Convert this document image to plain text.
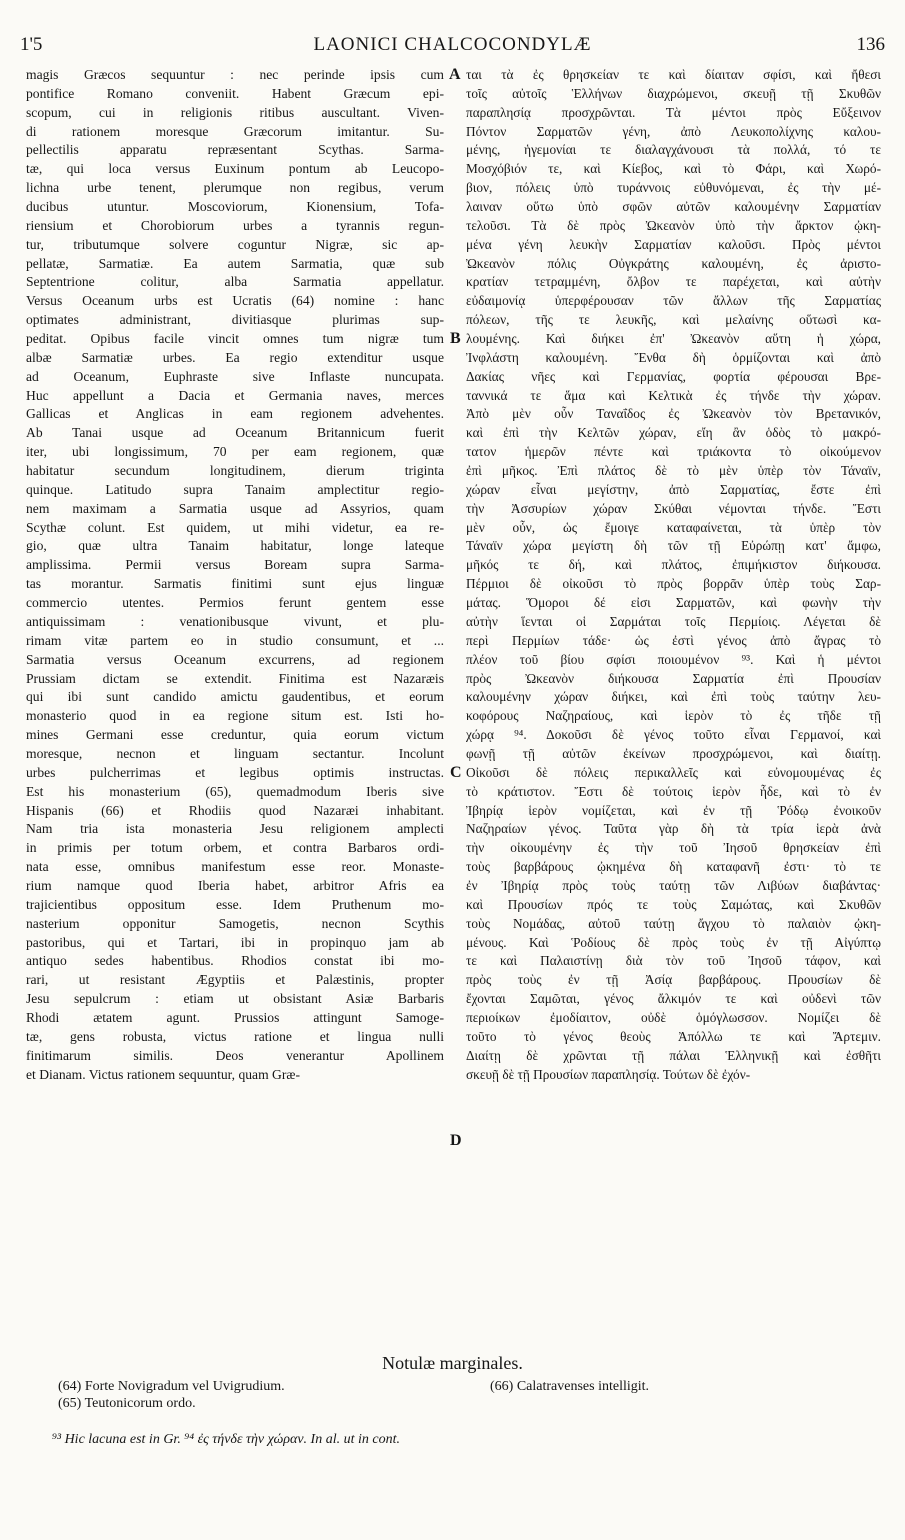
1'5	LAONICI CHALCOCONDYLÆ	136
magis Græcos sequuntur : nec perinde ipsis cum
pontifice Romano conveniit. Habent Græcum epi-
scopum, cui in religionis ritibus auscultant. Viven-
di rationem moresque Græcorum imitantur. Su-
pellectilis apparatu repræsentant Scythas. Sarma-
tæ, qui loca versus Euxinum pontum ab Leucopo-
lichna urbe tenent, plerumque non regibus, verum
ducibus utuntur. Moscoviorum, Kionensium, Tofa-
riensium et Chorobiorum urbes a tyrannis regun-
tur, tributumque solvere coguntur Nigræ, sic ap-
pellatæ, Sarmatiæ. Ea autem Sarmatia, quæ sub
Septentrione colitur, alba Sarmatia appellatur.
Versus Oceanum urbs est Ucratis (64) nomine : hanc
optimates administrant, divitiasque plurimas sup-
peditat. Opibus facile vincit omnes tum nigræ tum
albæ Sarmatiæ urbes. Ea regio extenditur usque
ad Oceanum, Euphraste sive Inflaste nuncupata.
Huc appellunt a Dacia et Germania naves, merces
Gallicas et Anglicas in eam regionem advehentes.
Ab Tanai usque ad Oceanum Britannicum fuerit
iter, ubi longissimum, 70 per eam regionem, quæ
habitatur secundum longitudinem, dierum triginta
quinque. Latitudo supra Tanaim amplectitur regio-
nem maximam a Sarmatia usque ad Assyrios, quam
Scythæ colunt. Est quidem, ut mihi videtur, ea re-
gio, quæ ultra Tanaim habitatur, longe lateque
amplissima. Permii versus Boream supra Sarma-
tas morantur. Sarmatis finitimi sunt ejus linguæ
commercio utentes. Permios ferunt gentem esse
antiquissimam : venationibusque vivunt, et plu-
rimam vitæ partem eo in studio consumunt, et ...
Sarmatia versus Oceanum excurrens, ad regionem
Prussiam dictam se extendit. Finitima est Nazaræis
qui ibi sunt candido amictu gaudentibus, et eorum
monasterio quod in ea regione situm est. Isti ho-
mines Germani esse creduntur, quia eorum victum
moresque, necnon et linguam sectantur. Incolunt
urbes pulcherrimas et legibus optimis instructas.
Est his monasterium (65), quemadmodum Iberis sive
Hispanis (66) et Rhodiis quod Nazaræi inhabitant.
Nam tria ista monasteria Jesu religionem amplecti
in primis per totum orbem, et contra Barbaros ordi-
nata esse, omnibus manifestum esse reor. Monaste-
rium namque quod Iberia habet, arbitror Afris ea
trajicientibus oppositum esse. Idem Pruthenum mo-
nasterium opponitur Samogetis, necnon Scythis
pastoribus, qui et Tartari, ibi in propinquo jam ab
antiquo sedes habentibus. Rhodios constat ibi mo-
rari, ut resistant Ægyptiis et Palæstinis, propter
Jesu sepulcrum : etiam ut obsistant Asiæ Barbaris
Rhodi ætatem agunt. Prussios attingunt Samoge-
tæ, gens robusta, victus ratione et lingua nulli
finitimarum similis. Deos venerantur Apollinem
et Dianam. Victus rationem sequuntur, quam Græ-
ται τὰ ἐς θρησκείαν τε καὶ δίαιταν σφίσι, καὶ ἤθεσι
τοῖς αὐτοῖς Ἑλλήνων διαχρώμενοι, σκευῇ τῇ Σκυθῶν
παραπλησίᾳ προσχρῶνται. Τὰ μέντοι πρὸς Εὔξεινον
Πόντον Σαρματῶν γένη, ἀπὸ Λευκοπολίχνης καλου-
μένης, ἡγεμονίαι τε διαλαγχάνουσι τὰ πολλά, τό τε
Μοσχόβιόν τε, καὶ Κίεβος, καὶ τὸ Φάρι, καὶ Χωρό-
βιον, πόλεις ὑπὸ τυράννοις εὐθυνόμεναι, ἐς τὴν μέ-
λαιναν οὕτω ὑπὸ σφῶν αὐτῶν καλουμένην Σαρματίαν
τελοῦσι. Τὰ δὲ πρὸς Ὠκεανὸν ὑπὸ τὴν ἄρκτον ᾠκη-
μένα γένη λευκὴν Σαρματίαν καλοῦσι. Πρὸς μέντοι
Ὠκεανὸν πόλις Οὐγκράτης καλουμένη, ἐς ἀριστο-
κρατίαν τετραμμένη, ὄλβον τε παρέχεται, καὶ αὐτὴν
εὐδαιμονίᾳ ὑπερφέρουσαν τῶν ἄλλων τῆς Σαρματίας
πόλεων, τῆς τε λευκῆς, καὶ μελαίνης οὕτωσὶ κα-
λουμένης. Καὶ διήκει ἐπ' Ὠκεανὸν αὕτη ἡ χώρα,
Ἰνφλάστη καλουμένη. Ἔνθα δὴ ὁρμίζονται καὶ ἀπὸ
Δακίας νῆες καὶ Γερμανίας, φορτία φέρουσαι Βρε-
ταννικά τε ἅμα καὶ Κελτικὰ ἐς τήνδε τὴν χώραν.
Ἀπὸ μὲν οὖν Ταναΐδος ἐς Ὠκεανὸν τὸν Βρετανικόν,
καὶ ἐπὶ τὴν Κελτῶν χώραν, εἴη ἂν ὁδὸς τὸ μακρό-
τατον ἡμερῶν πέντε καὶ τριάκοντα τὸ οἰκούμενον
ἐπὶ μῆκος. Ἐπὶ πλάτος δὲ τὸ μὲν ὑπὲρ τὸν Τάναϊν,
χώραν εἶναι μεγίστην, ἀπὸ Σαρματίας, ἔστε ἐπὶ
τὴν Ἀσσυρίων χώραν Σκύθαι νέμονται τήνδε. Ἔστι
μὲν οὖν, ὡς ἔμοιγε καταφαίνεται, τὰ ὑπὲρ τὸν
Τάναϊν χώρα μεγίστη δὴ τῶν τῇ Εὐρώπῃ κατ' ἄμφω,
μῆκός τε δή, καὶ πλάτος, ἐπιμήκιστον διήκουσα.
Πέρμιοι δὲ οἰκοῦσι τὸ πρὸς βορρᾶν ὑπὲρ τοὺς Σαρ-
μάτας. Ὅμοροι δέ εἰσι Σαρματῶν, καὶ φωνὴν τὴν
αὐτὴν ἵενται οἱ Σαρμάται τοῖς Περμίοις. Λέγεται δὲ
περὶ Περμίων τάδε· ὡς ἐστὶ γένος ἀπὸ ἄγρας τὸ
πλέον τοῦ βίου σφίσι ποιουμένον ⁹³. Καὶ ἡ μέντοι
πρὸς Ὠκεανὸν διήκουσα Σαρματία ἐπὶ Προυσίαν
καλουμένην χώραν διήκει, καὶ ἐπὶ τοὺς ταύτην λευ-
κοφόρους Ναζηραίους, καὶ ἱερὸν τὸ ἐς τῆδε τῇ
χώρᾳ ⁹⁴. Δοκοῦσι δὲ γένος τοῦτο εἶναι Γερμανοί, καὶ
φωνῇ τῇ αὐτῶν ἐκείνων προσχρώμενοι, καὶ διαίτῃ.
Οἰκοῦσι δὲ πόλεις περικαλλεῖς καὶ εὐνομουμένας ἐς
τὸ κράτιστον. Ἔστι δὲ τούτοις ἱερὸν ἦδε, καὶ τὸ ἐν
Ἰβηρίᾳ ἱερὸν νομίζεται, καὶ ἐν τῇ Ῥόδῳ ἐνοικοῦν
Ναζηραίων γένος. Ταῦτα γὰρ δὴ τὰ τρία ἱερὰ ἀνὰ
τὴν οἰκουμένην ἐς τὴν τοῦ Ἰησοῦ θρησκείαν ἐπὶ
τοὺς βαρβάρους ᾠκημένα δὴ καταφανῆ ἐστι· τὸ τε
ἐν Ἰβηρίᾳ πρὸς τοὺς ταύτῃ τῶν Λιβύων διαβάντας·
καὶ Προυσίων πρός τε τοὺς Σαμώτας, καὶ Σκυθῶν
τοὺς Νομάδας, αὐτοῦ ταύτῃ ἄγχου τὸ παλαιὸν ᾠκη-
μένους. Καὶ Ῥοδίους δὲ πρὸς τοὺς ἐν τῇ Αἰγύπτῳ
τε καὶ Παλαιστίνῃ διὰ τὸν τοῦ Ἰησοῦ τάφον, καὶ
πρὸς τοὺς ἐν τῇ Ἀσίᾳ βαρβάρους. Προυσίων δὲ
ἔχονται Σαμῶται, γένος ἄλκιμόν τε καὶ οὐδενὶ τῶν
περιοίκων ἐμοδίαιτον, οὐδὲ ὁμόγλωσσον. Νομίζει δὲ
τοῦτο τὸ γένος θεοὺς Ἀπόλλω τε καὶ Ἄρτεμιν.
Διαίτῃ δὲ χρῶνται τῇ πάλαι Ἑλληνικῇ καὶ ἐσθῆτι
σκευῇ δὲ τῇ Προυσίων παραπλησίᾳ. Τούτων δὲ ἐχόν-
A
B
C
D
Notulæ marginales.
(64) Forte Novigradum vel Uvigrudium.
(65) Teutonicorum ordo.
(66) Calatravenses intelligit.
⁹³ Hic lacuna est in Gr. ⁹⁴ ἐς τήνδε τὴν χώραν. In al. ut in cont.
